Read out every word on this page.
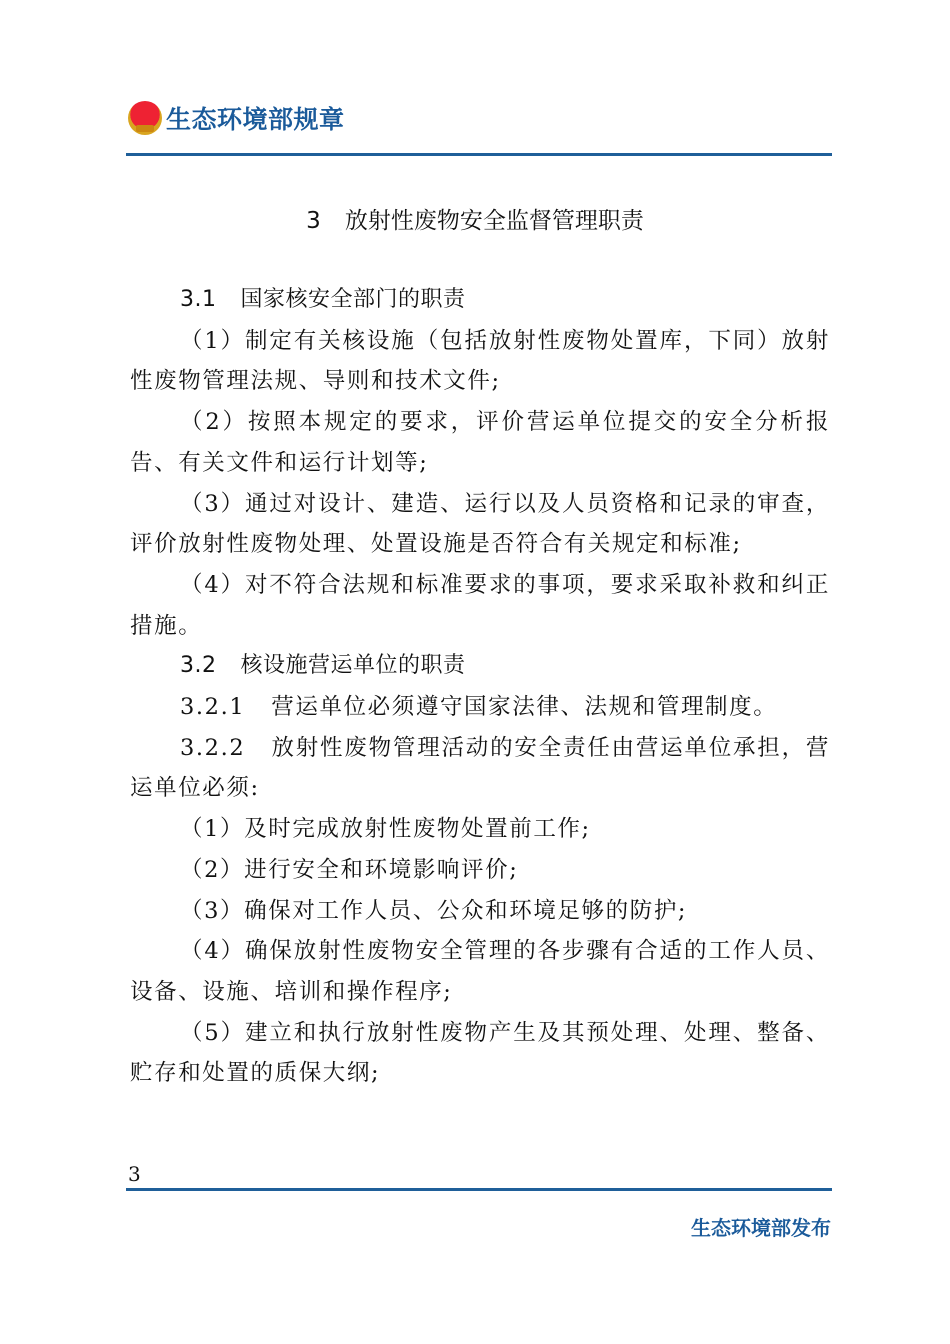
生态环境部规章
3 放射性废物安全监督管理职责
3.1 国家核安全部门的职责

（1）制定有关核设施（包括放射性废物处置库，下同）放射性废物管理法规、导则和技术文件;

（2）按照本规定的要求，评价营运单位提交的安全分析报告、有关文件和运行计划等;

（3）通过对设计、建造、运行以及人员资格和记录的审查，评价放射性废物处理、处置设施是否符合有关规定和标准;

（4）对不符合法规和标准要求的事项，要求采取补救和纠正措施。

3.2 核设施营运单位的职责

3.2.1 营运单位必须遵守国家法律、法规和管理制度。

3.2.2 放射性废物管理活动的安全责任由营运单位承担，营运单位必须:

（1）及时完成放射性废物处置前工作;

（2）进行安全和环境影响评价;

（3）确保对工作人员、公众和环境足够的防护;

（4）确保放射性废物安全管理的各步骤有合适的工作人员、设备、设施、培训和操作程序;

（5）建立和执行放射性废物产生及其预处理、处理、整备、贮存和处置的质保大纲;

3
生态环境部发布
